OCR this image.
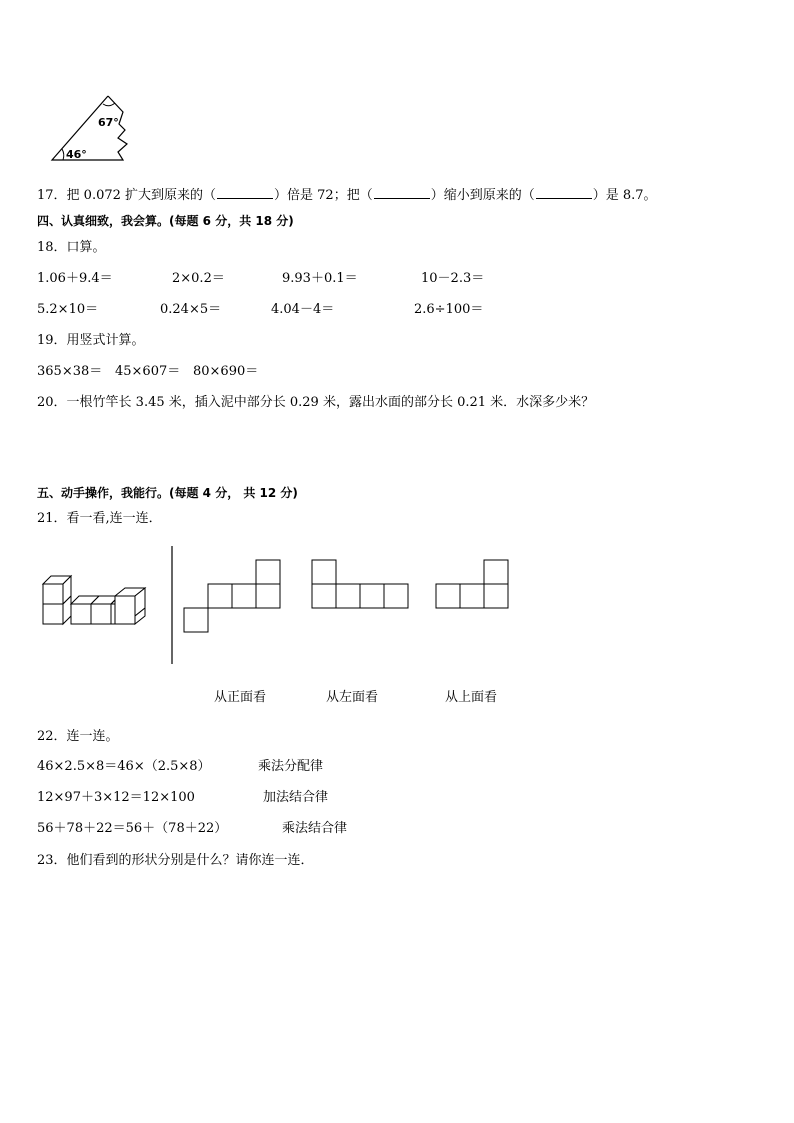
67°
46°
17．把 0.072 扩大到原来的（	）倍是 72；把（	）缩小到原来的（	）是 8.7。
四、认真细致，我会算。(每题 6 分，共 18 分)
18．口算。
1.06＋9.4＝	2×0.2＝	9.93＋0.1＝	10－2.3＝
5.2×10＝	0.24×5＝	4.04－4＝	2.6÷100＝
19．用竖式计算。
365×38＝ 45×607＝ 80×690＝
20．一根竹竿长 3.45 米，插入泥中部分长 0.29 米，露出水面的部分长 0.21 米．水深多少米？
五、动手操作，我能行。(每题 4 分， 共 12 分)
21．看一看,连一连．
从正面看	从左面看	从上面看
22．连一连。
46×2.5×8＝46×（2.5×8）	乘法分配律
12×97＋3×12＝12×100	加法结合律
56＋78＋22＝56＋（78＋22）	乘法结合律
23．他们看到的形状分别是什么？请你连一连．
